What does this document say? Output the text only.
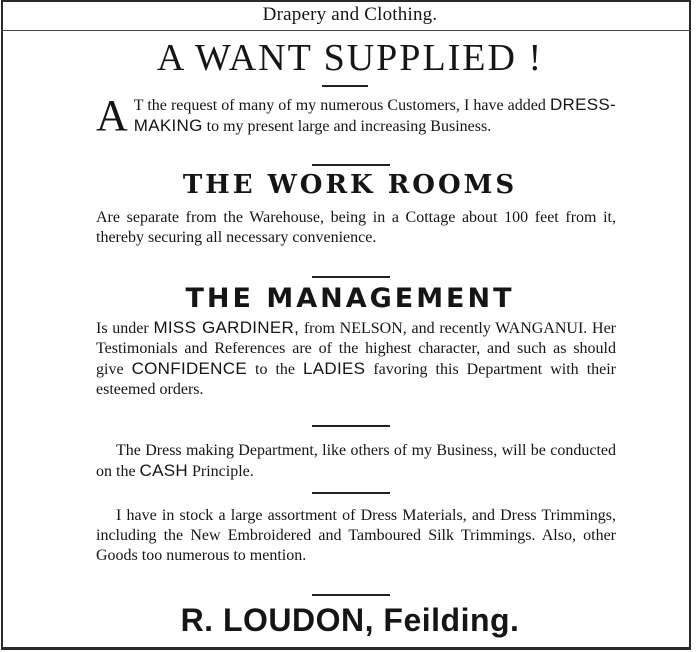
Drapery and Clothing.
A WANT SUPPLIED !
A T the request of many of my numerous Customers, I have added DRESS-MAKING to my present large and increasing Business.
THE WORK ROOMS
Are separate from the Warehouse, being in a Cottage about 100 feet from it, thereby securing all necessary convenience.
THE MANAGEMENT
Is under MISS GARDINER, from NELSON, and recently WANGANUI. Her Testimonials and References are of the highest character, and such as should give CONFIDENCE to the LADIES favoring this Department with their esteemed orders.
The Dress making Department, like others of my Business, will be conducted on the CASH Principle.
I have in stock a large assortment of Dress Materials, and Dress Trimmings, including the New Embroidered and Tamboured Silk Trimmings. Also, other Goods too numerous to mention.
R. LOUDON, Feilding.
